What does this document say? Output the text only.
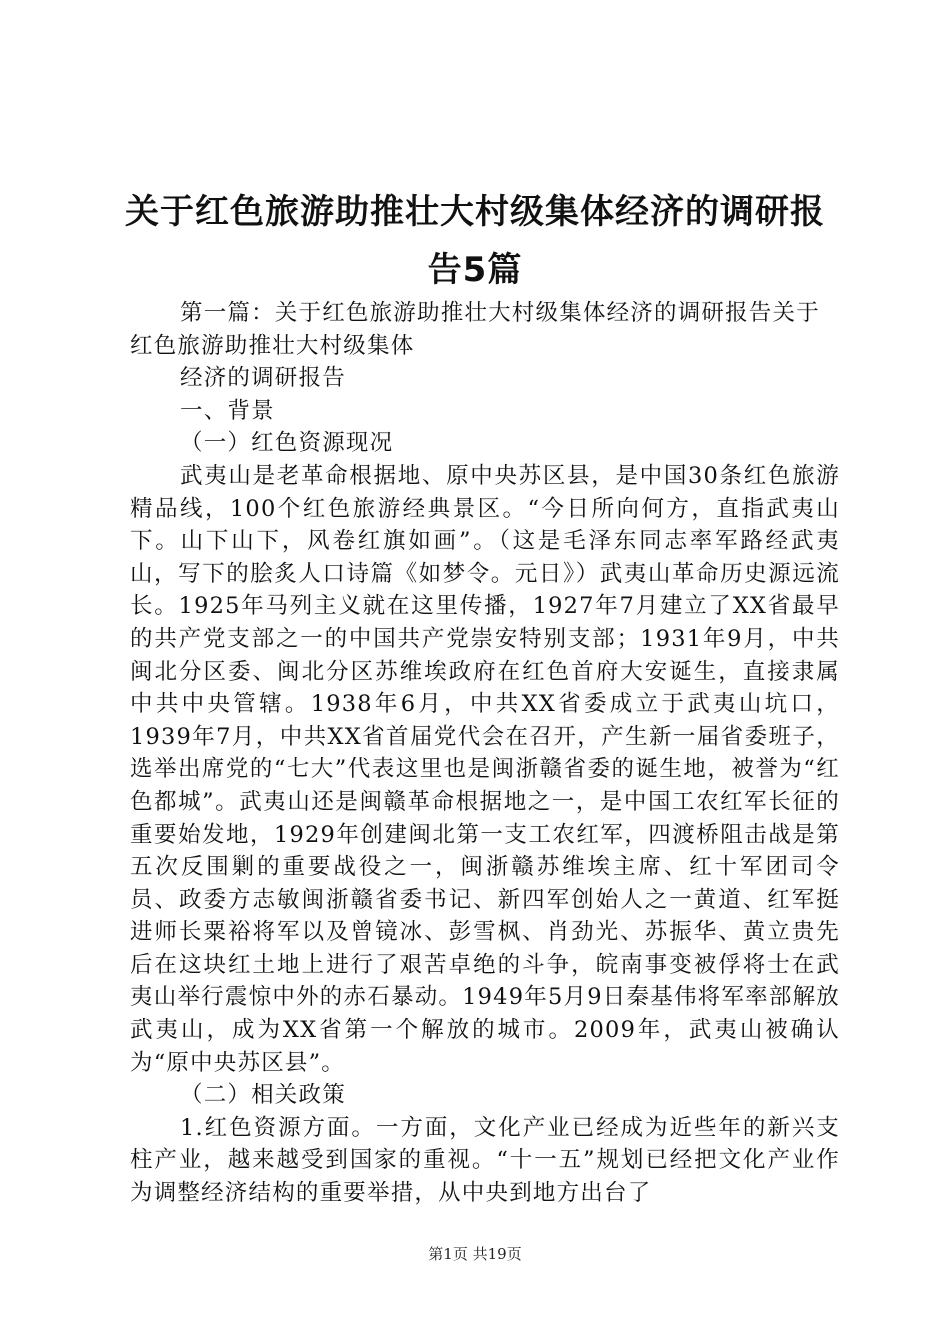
关于红色旅游助推壮大村级集体经济的调研报
告5篇

第一篇：关于红色旅游助推壮大村级集体经济的调研报告关于红色旅游助推壮大村级集体

经济的调研报告

一、背景

（一）红色资源现况

武夷山是老革命根据地、原中央苏区县，是中国30条红色旅游精品线，100个红色旅游经典景区。“今日所向何方，直指武夷山下。山下山下，风卷红旗如画”。（这是毛泽东同志率军路经武夷山，写下的脍炙人口诗篇《如梦令。元日》）武夷山革命历史源远流长。1925年马列主义就在这里传播，1927年7月建立了XX省最早的共产党支部之一的中国共产党崇安特别支部；1931年9月，中共闽北分区委、闽北分区苏维埃政府在红色首府大安诞生，直接隶属中共中央管辖。1938年6月，中共XX省委成立于武夷山坑口，1939年7月，中共XX省首届党代会在召开，产生新一届省委班子，选举出席党的“七大”代表这里也是闽浙赣省委的诞生地，被誉为“红色都城”。武夷山还是闽赣革命根据地之一，是中国工农红军长征的重要始发地，1929年创建闽北第一支工农红军，四渡桥阻击战是第五次反围剿的重要战役之一，闽浙赣苏维埃主席、红十军团司令员、政委方志敏闽浙赣省委书记、新四军创始人之一黄道、红军挺进师长粟裕将军以及曾镜冰、彭雪枫、肖劲光、苏振华、黄立贵先后在这块红土地上进行了艰苦卓绝的斗争，皖南事变被俘将士在武夷山举行震惊中外的赤石暴动。1949年5月9日秦基伟将军率部解放武夷山，成为XX省第一个解放的城市。2009年，武夷山被确认为“原中央苏区县”。

（二）相关政策

1.红色资源方面。一方面，文化产业已经成为近些年的新兴支柱产业，越来越受到国家的重视。“十一五”规划已经把文化产业作为调整经济结构的重要举措，从中央到地方出台了

第1页 共19页
